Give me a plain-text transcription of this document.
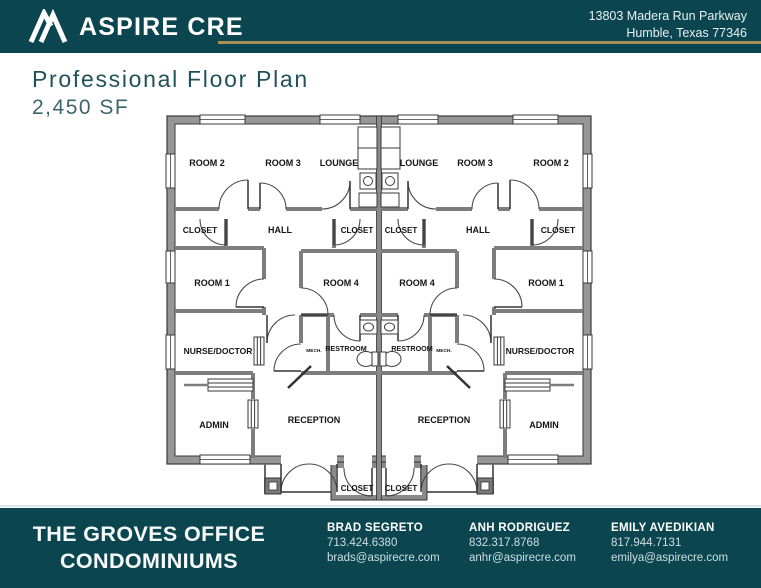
ASPIRE CRE	13803 Madera Run Parkway
Humble, Texas 77346
Professional Floor Plan
2,450 SF
ROOM 2	ROOM 3 LOUNGE
CLOSET	HALL	CLOSET
ROOM 1	ROOM 4
NURSE/DOCTOR	MECH. RESTROOM
ADMIN	RECEPTION
CLOSET
ROOM 2
ROOM 3
LOUNGE
CLOSET
HALL
CLOSET
ROOM 1
ROOM 4
NURSE/DOCTOR
MECH.
RESTROOM
ADMIN
RECEPTION
CLOSET
THE GROVES OFFICE
CONDOMINIUMS
BRAD SEGRETO
713.424.6380
brads@aspirecre.com
ANH RODRIGUEZ
832.317.8768
anhr@aspirecre.com
EMILY AVEDIKIAN
817.944.7131
emilya@aspirecre.com
